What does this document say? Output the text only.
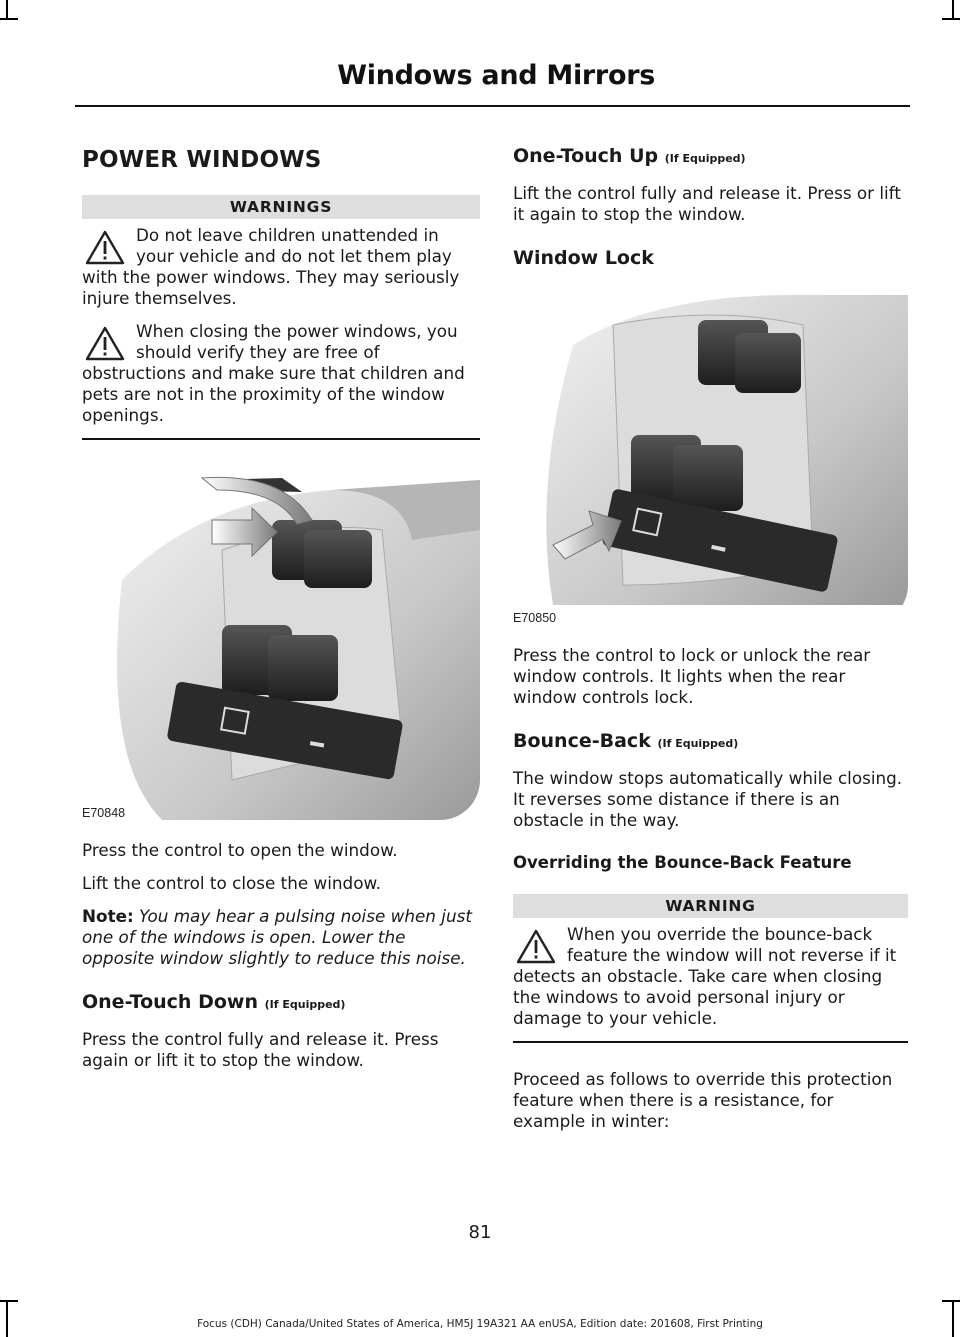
Windows and Mirrors
POWER WINDOWS
WARNINGS
Do not leave children unattended in your vehicle and do not let them play with the power windows. They may seriously injure themselves.
When closing the power windows, you should verify they are free of obstructions and make sure that children and pets are not in the proximity of the window openings.
E70848

Press the control to open the window.

Lift the control to close the window.

Note: You may hear a pulsing noise when just one of the windows is open. Lower the opposite window slightly to reduce this noise.

One-Touch Down (If Equipped)

Press the control fully and release it. Press again or lift it to stop the window.

One-Touch Up (If Equipped)

Lift the control fully and release it. Press or lift it again to stop the window.

Window Lock
E70850

Press the control to lock or unlock the rear window controls. It lights when the rear window controls lock.

Bounce-Back (If Equipped)

The window stops automatically while closing. It reverses some distance if there is an obstacle in the way.

Overriding the Bounce-Back Feature
WARNING
When you override the bounce-back feature the window will not reverse if it detects an obstacle. Take care when closing the windows to avoid personal injury or damage to your vehicle.

Proceed as follows to override this protection feature when there is a resistance, for example in winter:

81
Focus (CDH) Canada/United States of America, HM5J 19A321 AA enUSA, Edition date: 201608, First Printing
